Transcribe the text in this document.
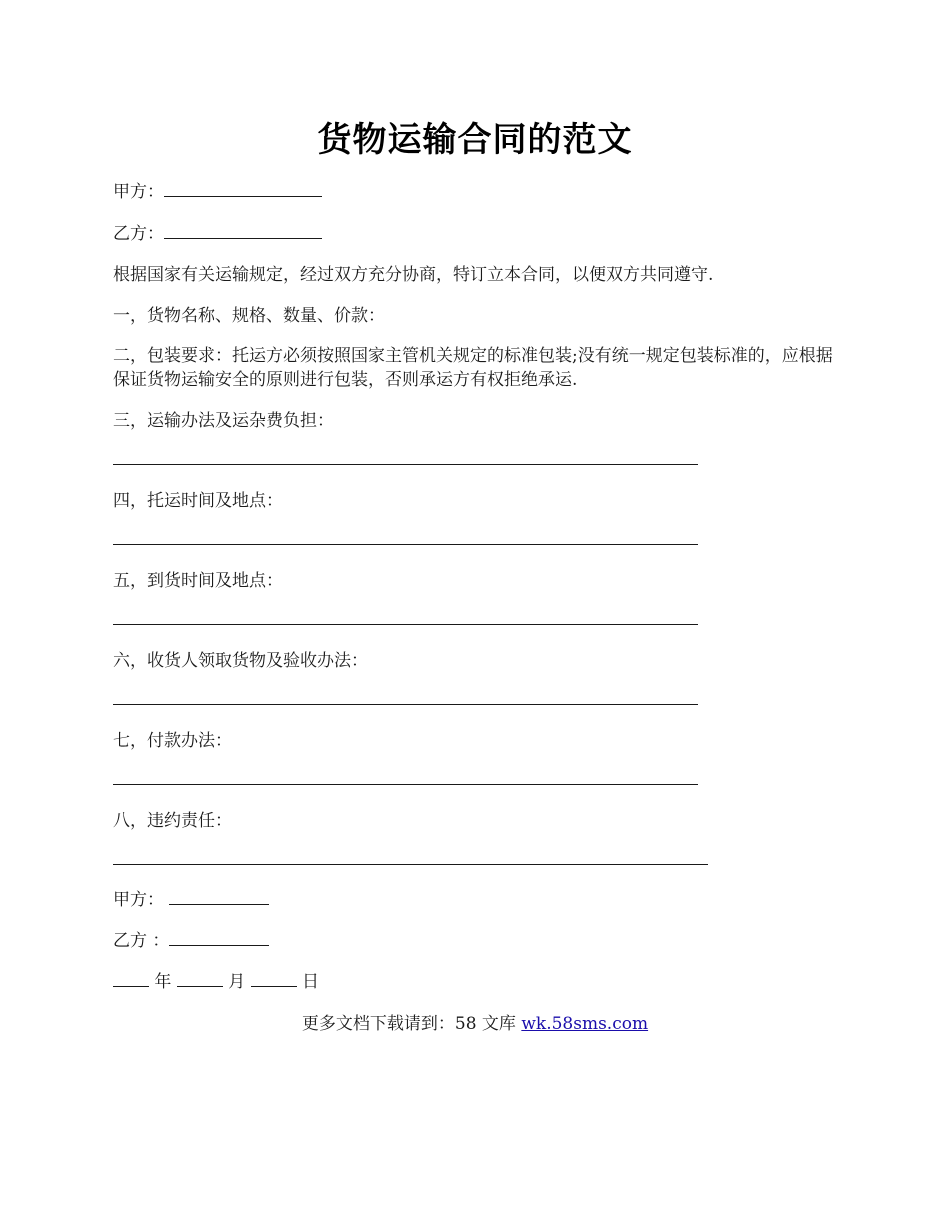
货物运输合同的范文

甲方：

乙方：

根据国家有关运输规定，经过双方充分协商，特订立本合同，以便双方共同遵守.

一，货物名称、规格、数量、价款：

二，包装要求：托运方必须按照国家主管机关规定的标准包装;没有统一规定包装标准的，应根据保证货物运输安全的原则进行包装，否则承运方有权拒绝承运.

三，运输办法及运杂费负担：

四，托运时间及地点：

五，到货时间及地点：

六，收货人领取货物及验收办法：

七，付款办法：

八，违约责任：

甲方：

乙方 ：

年	月	日

更多文档下载请到：58 文库 wk.58sms.com
